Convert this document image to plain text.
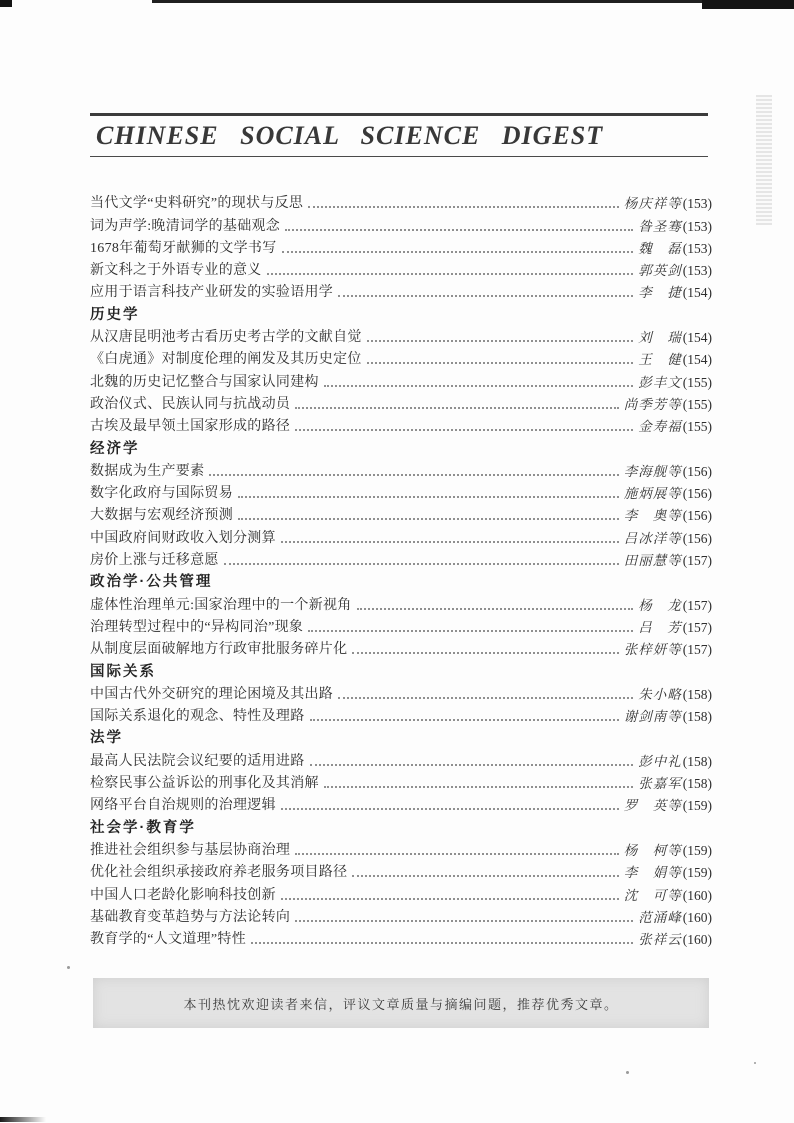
CHINESE SOCIAL SCIENCE DIGEST
当代文学“史料研究”的现状与反思	杨庆祥等 (153)
词为声学:晚清词学的基础观念	昝圣骞 (153)
1678年葡萄牙献狮的文学书写	魏　磊 (153)
新文科之于外语专业的意义	郭英剑 (153)
应用于语言科技产业研发的实验语用学	李　捷 (154)
历史学
从汉唐昆明池考古看历史考古学的文献自觉	刘　瑞 (154)
《白虎通》对制度伦理的阐发及其历史定位	王　健 (154)
北魏的历史记忆整合与国家认同建构	彭丰文 (155)
政治仪式、民族认同与抗战动员	尚季芳等 (155)
古埃及最早领土国家形成的路径	金寿福 (155)
经济学
数据成为生产要素	李海舰等 (156)
数字化政府与国际贸易	施炳展等 (156)
大数据与宏观经济预测	李　奥等 (156)
中国政府间财政收入划分测算	吕冰洋等 (156)
房价上涨与迁移意愿	田丽慧等 (157)
政治学·公共管理
虚体性治理单元:国家治理中的一个新视角	杨　龙 (157)
治理转型过程中的“异构同治”现象	吕　芳 (157)
从制度层面破解地方行政审批服务碎片化	张梓妍等 (157)
国际关系
中国古代外交研究的理论困境及其出路	朱小略 (158)
国际关系退化的观念、特性及理路	谢剑南等 (158)
法学
最高人民法院会议纪要的适用进路	彭中礼 (158)
检察民事公益诉讼的刑事化及其消解	张嘉军 (158)
网络平台自治规则的治理逻辑	罗　英等 (159)
社会学·教育学
推进社会组织参与基层协商治理	杨　柯等 (159)
优化社会组织承接政府养老服务项目路径	李　娟等 (159)
中国人口老龄化影响科技创新	沈　可等 (160)
基础教育变革趋势与方法论转向	范涌峰 (160)
教育学的“人文道理”特性	张祥云 (160)
本刊热忱欢迎读者来信，评议文章质量与摘编问题，推荐优秀文章。
